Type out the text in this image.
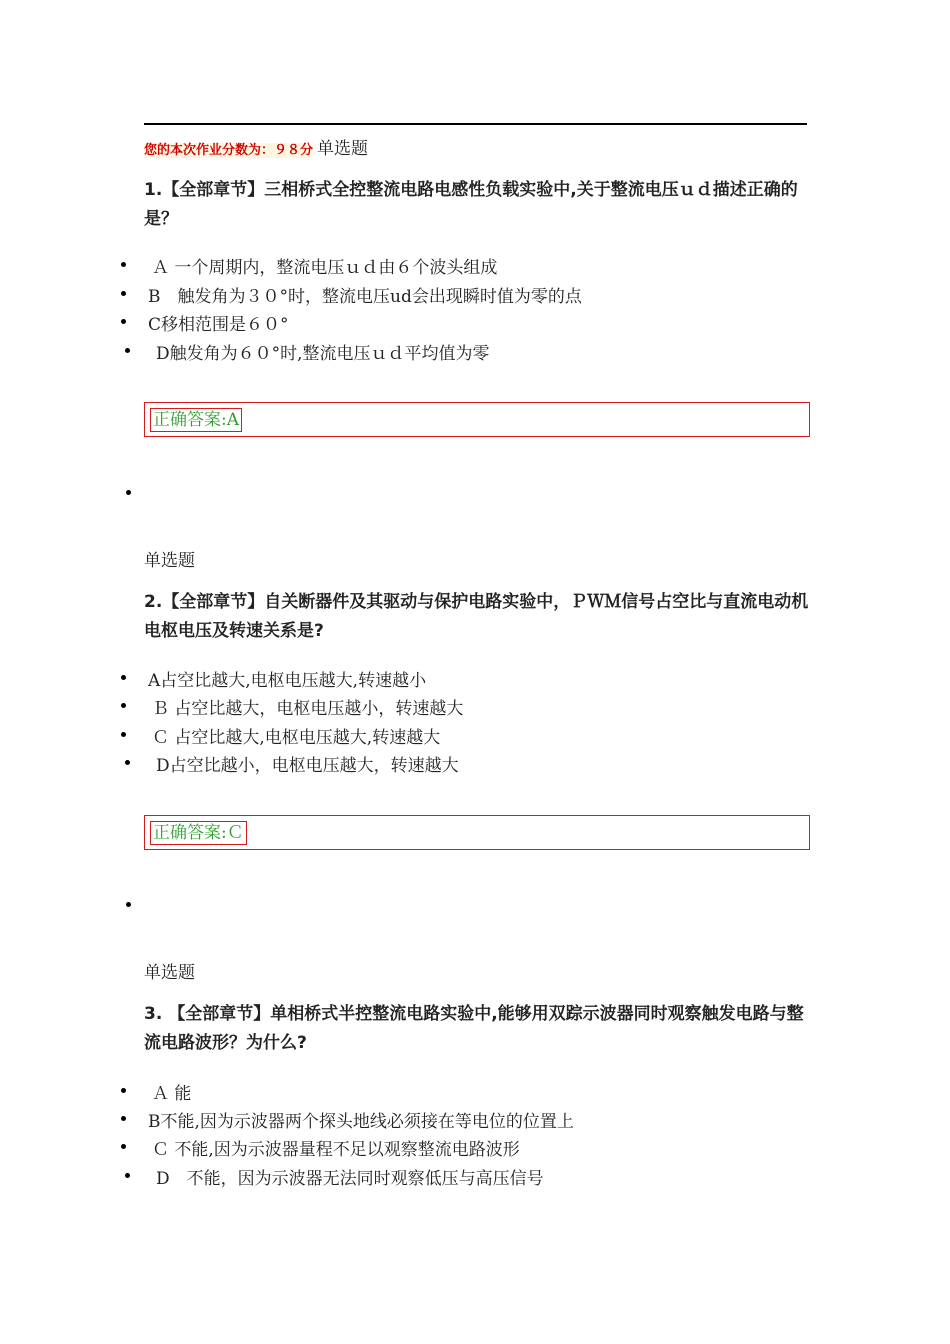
您的本次作业分数为：９８分 单选题
1.【全部章节】三相桥式全控整流电路电感性负载实验中,关于整流电压ｕｄ描述正确的是？
Ａ 一个周期内，整流电压ｕｄ由６个波头组成
B　触发角为３０°时，整流电压ud会出现瞬时值为零的点
C移相范围是６０°
D触发角为６０°时,整流电压ｕｄ平均值为零
正确答案:A
单选题
2.【全部章节】自关断器件及其驱动与保护电路实验中，ＰＷＭ信号占空比与直流电动机电枢电压及转速关系是?
A占空比越大,电枢电压越大,转速越小
Ｂ 占空比越大，电枢电压越小，转速越大
Ｃ 占空比越大,电枢电压越大,转速越大
D占空比越小，电枢电压越大，转速越大
正确答案:Ｃ
单选题
3. 【全部章节】单相桥式半控整流电路实验中,能够用双踪示波器同时观察触发电路与整流电路波形？为什么?
Ａ 能
B不能,因为示波器两个探头地线必须接在等电位的位置上
Ｃ 不能,因为示波器量程不足以观察整流电路波形
D　不能，因为示波器无法同时观察低压与高压信号
